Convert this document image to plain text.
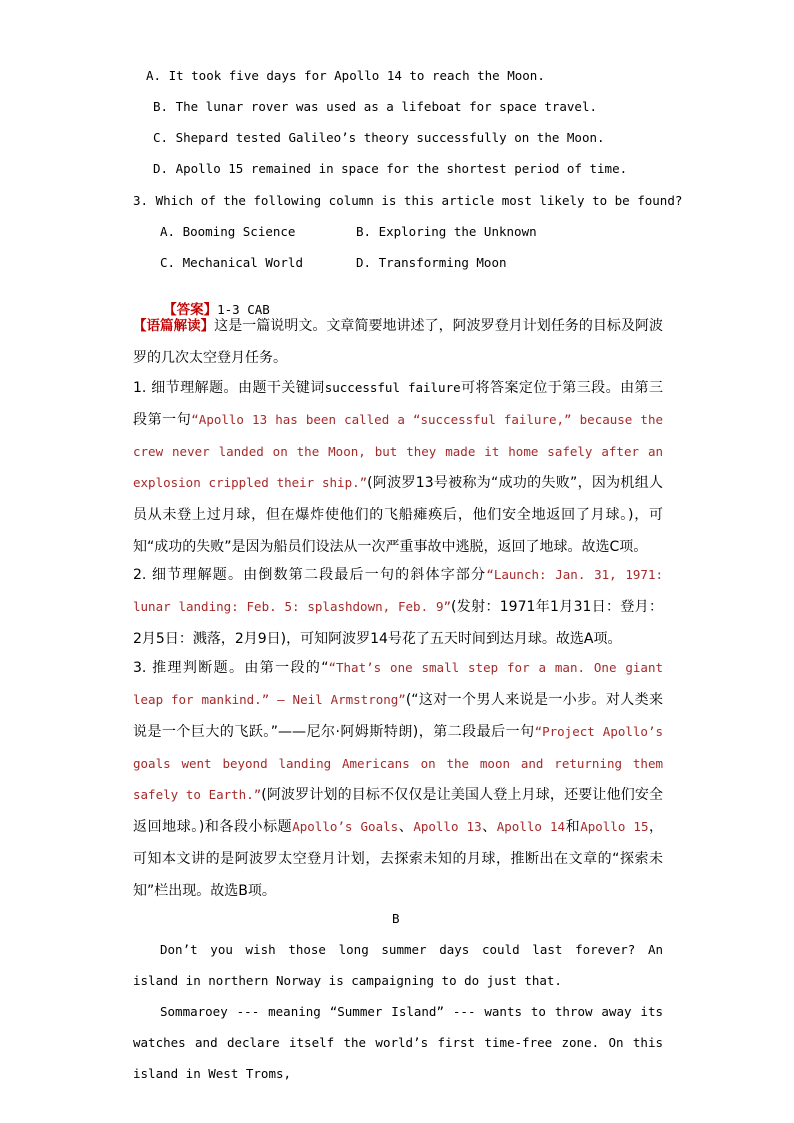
A. It took five days for Apollo 14 to reach the Moon.
B. The lunar rover was used as a lifeboat for space travel.
C. Shepard tested Galileo’s theory successfully on the Moon.
D. Apollo 15 remained in space for the shortest period of time.
3. Which of the following column is this article most likely to be found?
A. Booming Science	B. Exploring the Unknown
C. Mechanical World	D. Transforming Moon

【答案】1-3 CAB

【语篇解读】这是一篇说明文。文章简要地讲述了，阿波罗登月计划任务的目标及阿波罗的几次太空登月任务。
1. 细节理解题。由题干关键词successful failure可将答案定位于第三段。由第三段第一句“Apollo 13 has been called a “successful failure,” because the crew never landed on the Moon, but they made it home safely after an explosion crippled their ship.”(阿波罗13号被称为“成功的失败”，因为机组人员从未登上过月球，但在爆炸使他们的飞船瘫痪后，他们安全地返回了月球。)，可知“成功的失败”是因为船员们设法从一次严重事故中逃脱，返回了地球。故选C项。
2. 细节理解题。由倒数第二段最后一句的斜体字部分“Launch: Jan. 31, 1971: lunar landing: Feb. 5: splashdown, Feb. 9”(发射：1971年1月31日：登月：2月5日：溅落，2月9日)，可知阿波罗14号花了五天时间到达月球。故选A项。
3. 推理判断题。由第一段的““That’s one small step for a man. One giant leap for mankind.” — Neil Armstrong”(“这对一个男人来说是一小步。对人类来说是一个巨大的飞跃。”——尼尔·阿姆斯特朗)，第二段最后一句“Project Apollo’s goals went beyond landing Americans on the moon and returning them safely to Earth.”(阿波罗计划的目标不仅仅是让美国人登上月球，还要让他们安全返回地球。)和各段小标题Apollo’s Goals、Apollo 13、Apollo 14和Apollo 15，可知本文讲的是阿波罗太空登月计划，去探索未知的月球，推断出在文章的“探索未知”栏出现。故选B项。
B
Don’t you wish those long summer days could last forever? An island in northern Norway is campaigning to do just that.
Sommaroey --- meaning “Summer Island” --- wants to throw away its watches and declare itself the world’s first time-free zone. On this island in West Troms,
